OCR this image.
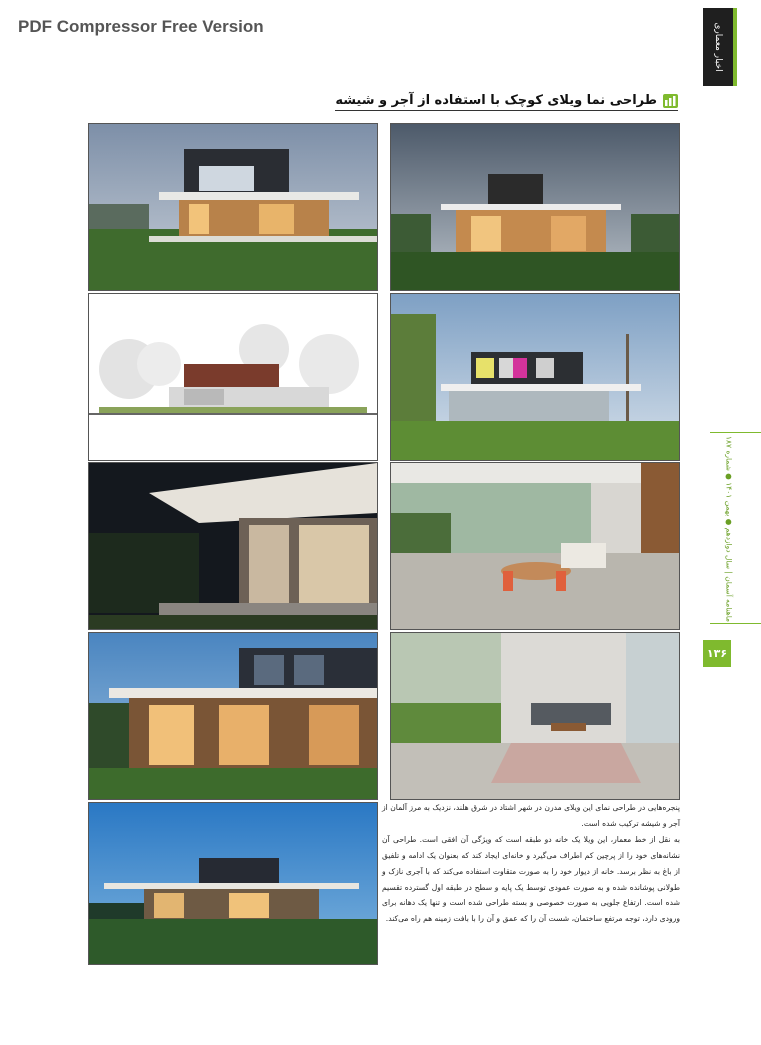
PDF Compressor Free Version	اخبار معماری
طراحی نما ویلای کوچک با استفاده از آجر و شیشه

پنجره‌هایی در طراحی نمای این ویلای مدرن در شهر اشتاد در شرق هلند، نزدیک به مرز آلمان از آجر و شیشه ترکیب شده است.

به نقل از خط معمار، این ویلا یک خانه دو طبقه است که ویژگی آن افقی است. طراحی آن نشانه‌های خود را از پرچین کم اطراف می‌گیرد و خانه‌ای ایجاد کند که بعنوان یک ادامه و تلفیق از باغ به نظر برسد. خانه از دیوار خود را به صورت متقاوت استفاده می‌کند که با آجری نازک و طولانی پوشانده شده و به صورت عمودی توسط یک پایه و سطح در طبقه اول گسترده تقسیم شده است. ارتفاع جلویی به صورت خصوصی و بسته طراحی شده است و تنها یک دهانه برای ورودی دارد، توجه مرتفع ساختمان، شست آن را که عمق و آن را با بافت زمینه هم راه می‌کند.

ماهنامه آسمان | سال دوازدهم ● بهمن ۱۴۰۱ ● شماره ۱۸۷
۱۳۶
